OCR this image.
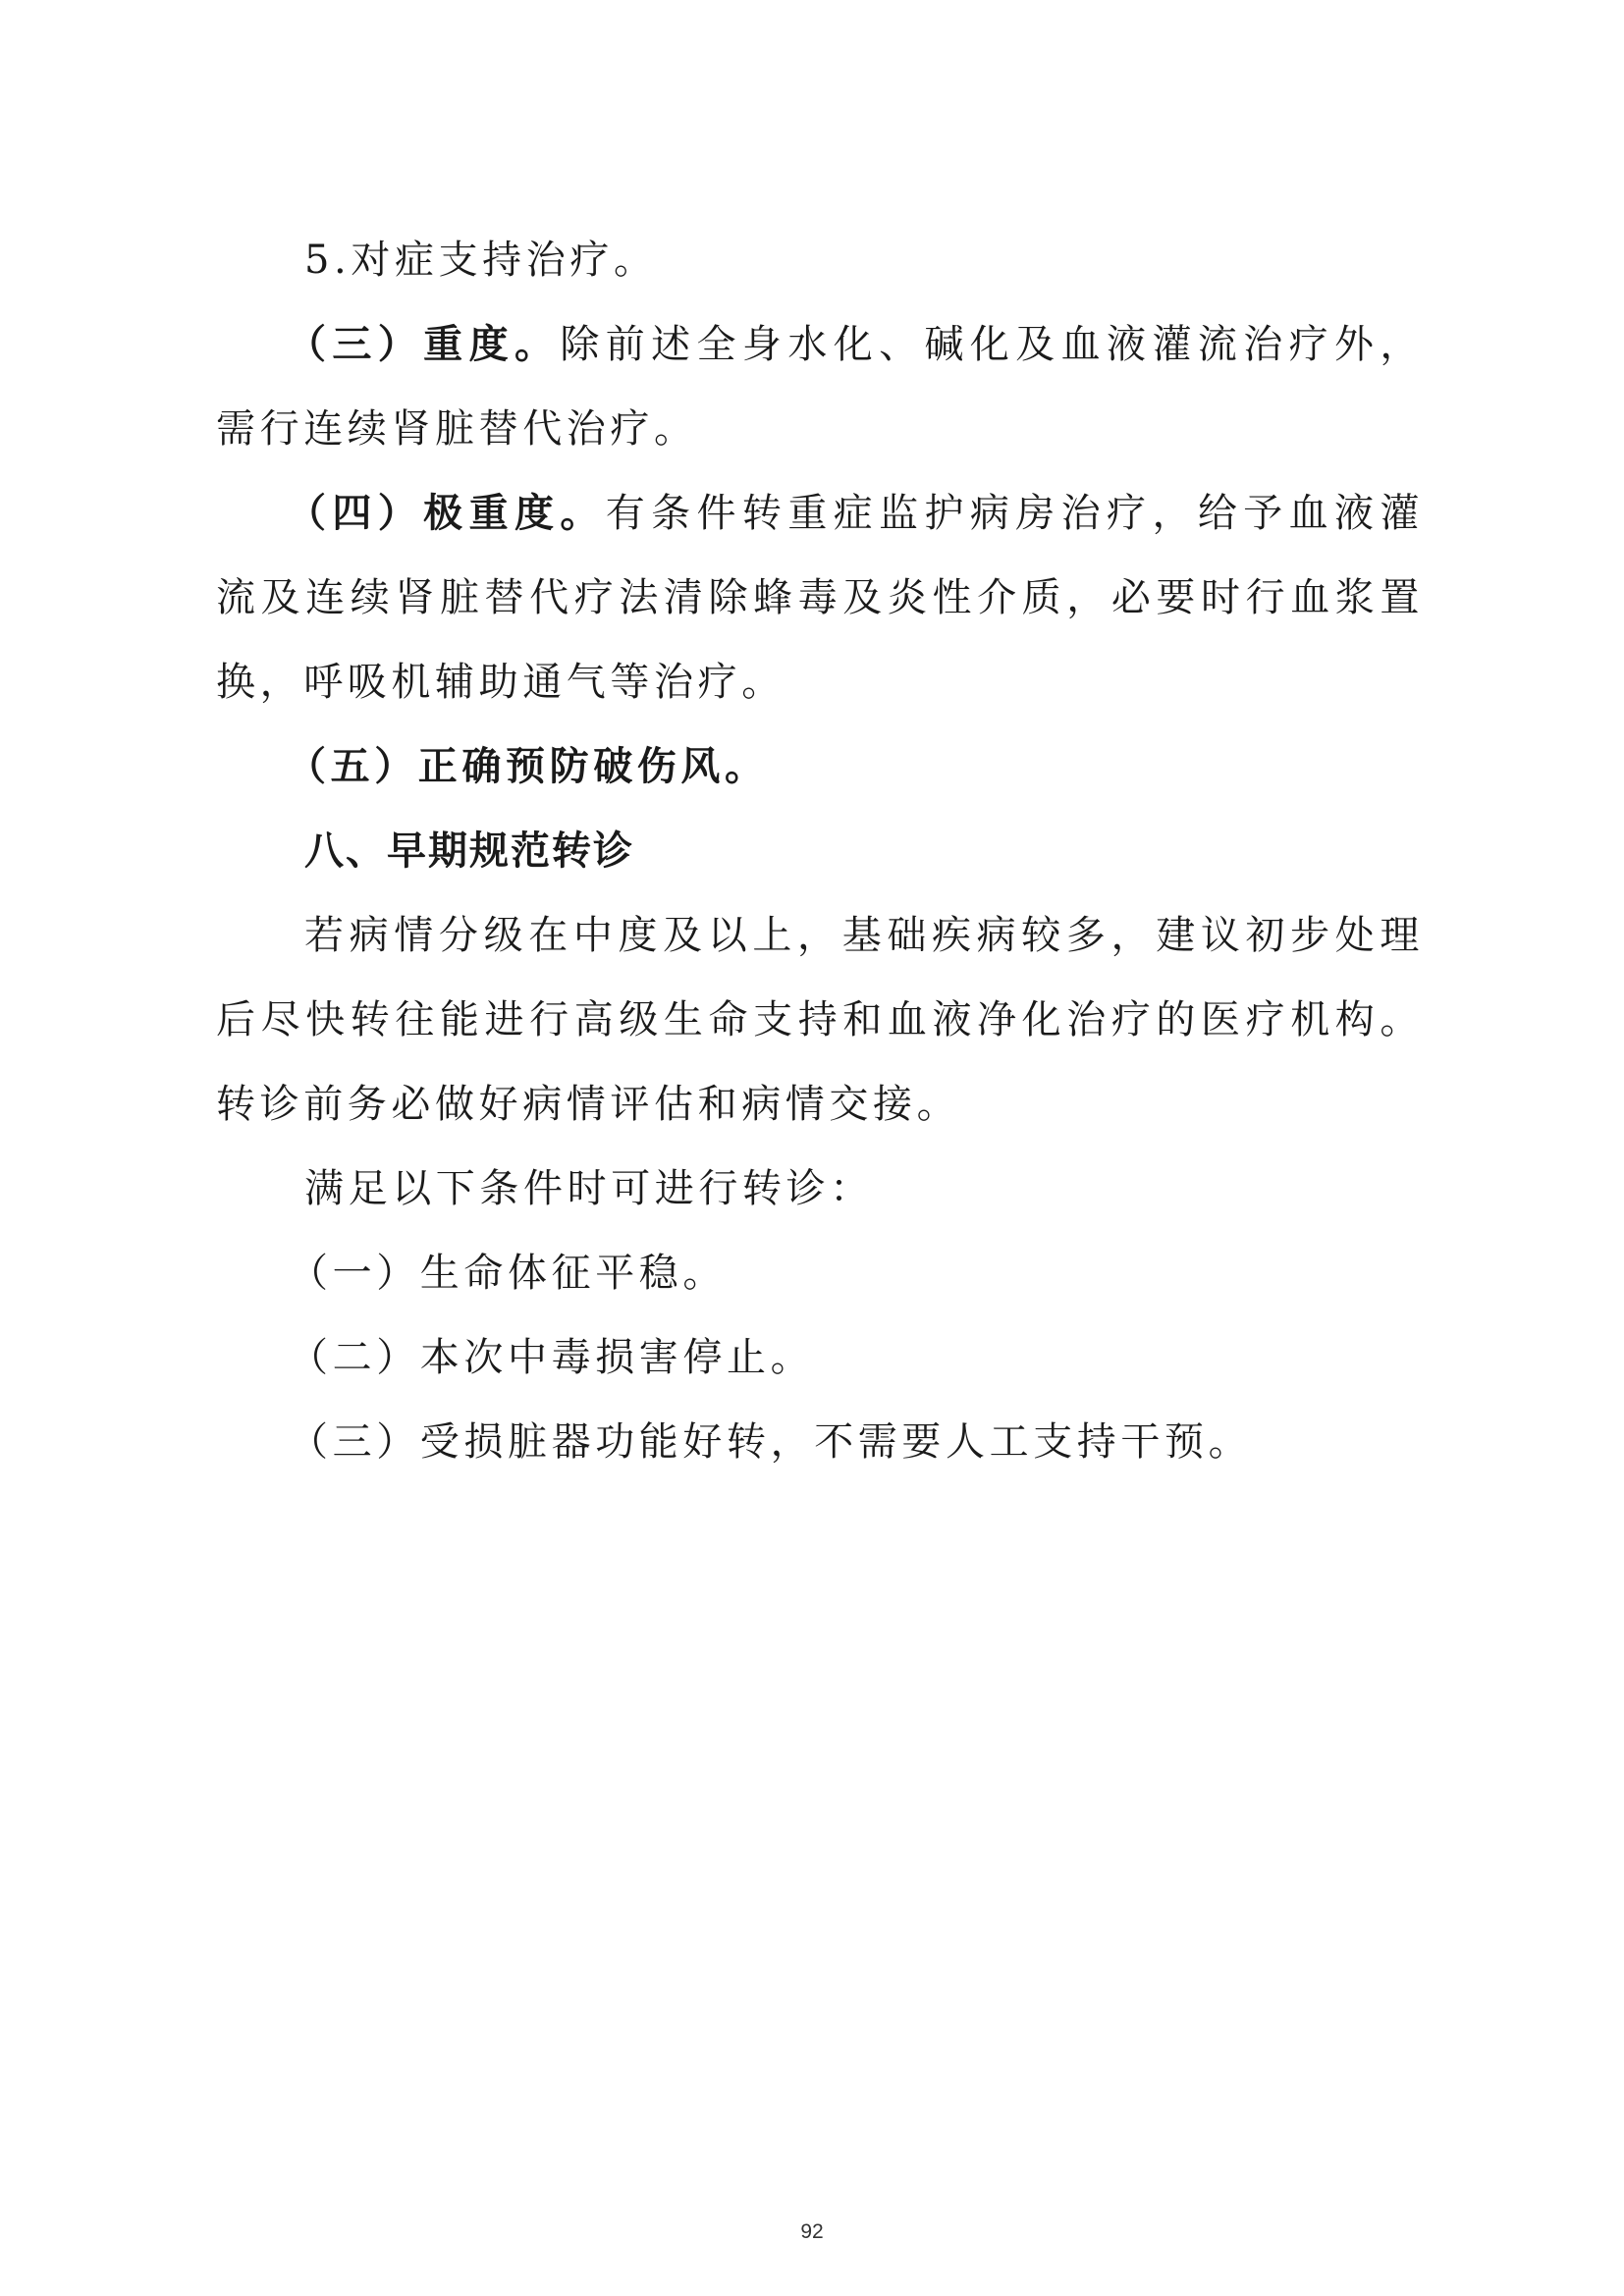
5.对症支持治疗。

（三）重度。除前述全身水化、碱化及血液灌流治疗外，需行连续肾脏替代治疗。

（四）极重度。有条件转重症监护病房治疗，给予血液灌流及连续肾脏替代疗法清除蜂毒及炎性介质，必要时行血浆置换，呼吸机辅助通气等治疗。

（五）正确预防破伤风。

八、早期规范转诊

若病情分级在中度及以上，基础疾病较多，建议初步处理后尽快转往能进行高级生命支持和血液净化治疗的医疗机构。转诊前务必做好病情评估和病情交接。

满足以下条件时可进行转诊：

（一）生命体征平稳。

（二）本次中毒损害停止。

（三）受损脏器功能好转，不需要人工支持干预。

92
